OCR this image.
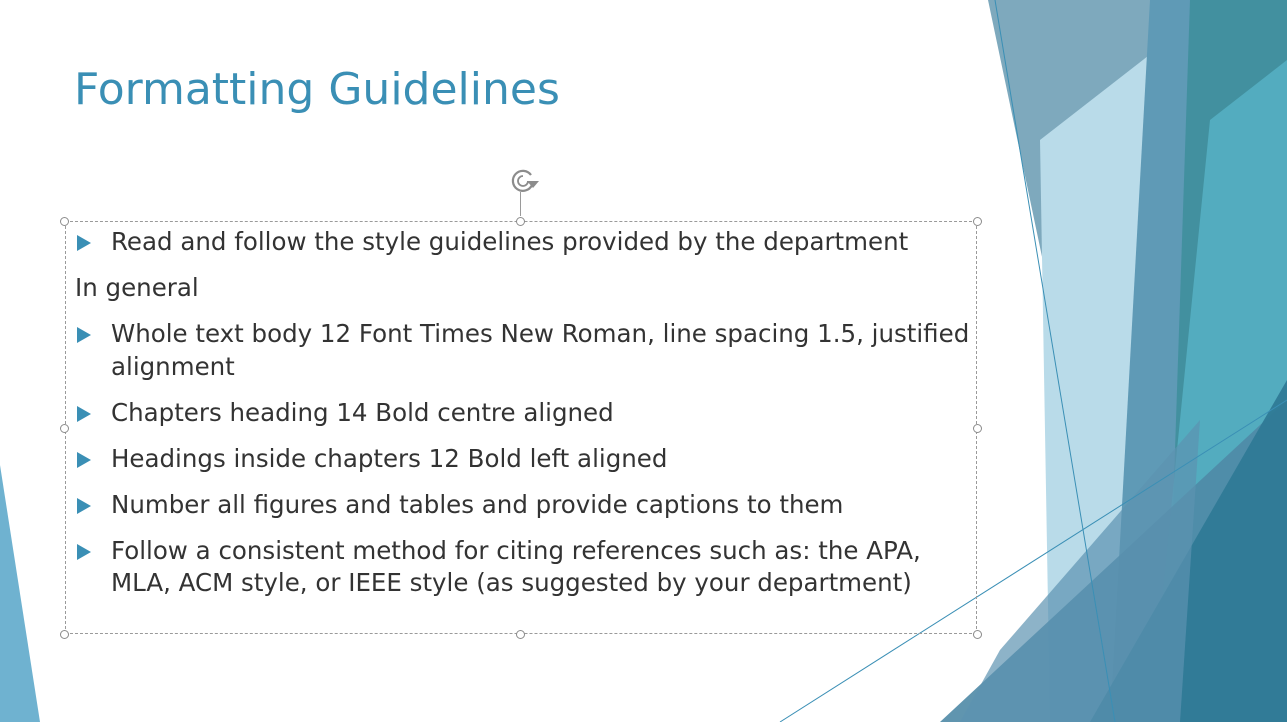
Formatting Guidelines
Read and follow the style guidelines provided by the department
In general
Whole text body 12 Font Times New Roman, line spacing 1.5, justified alignment
Chapters heading 14 Bold centre aligned
Headings inside chapters 12 Bold left aligned
Number all figures and tables and provide captions to them
Follow a consistent method for citing references such as: the APA, MLA, ACM style, or IEEE style (as suggested by your department)
